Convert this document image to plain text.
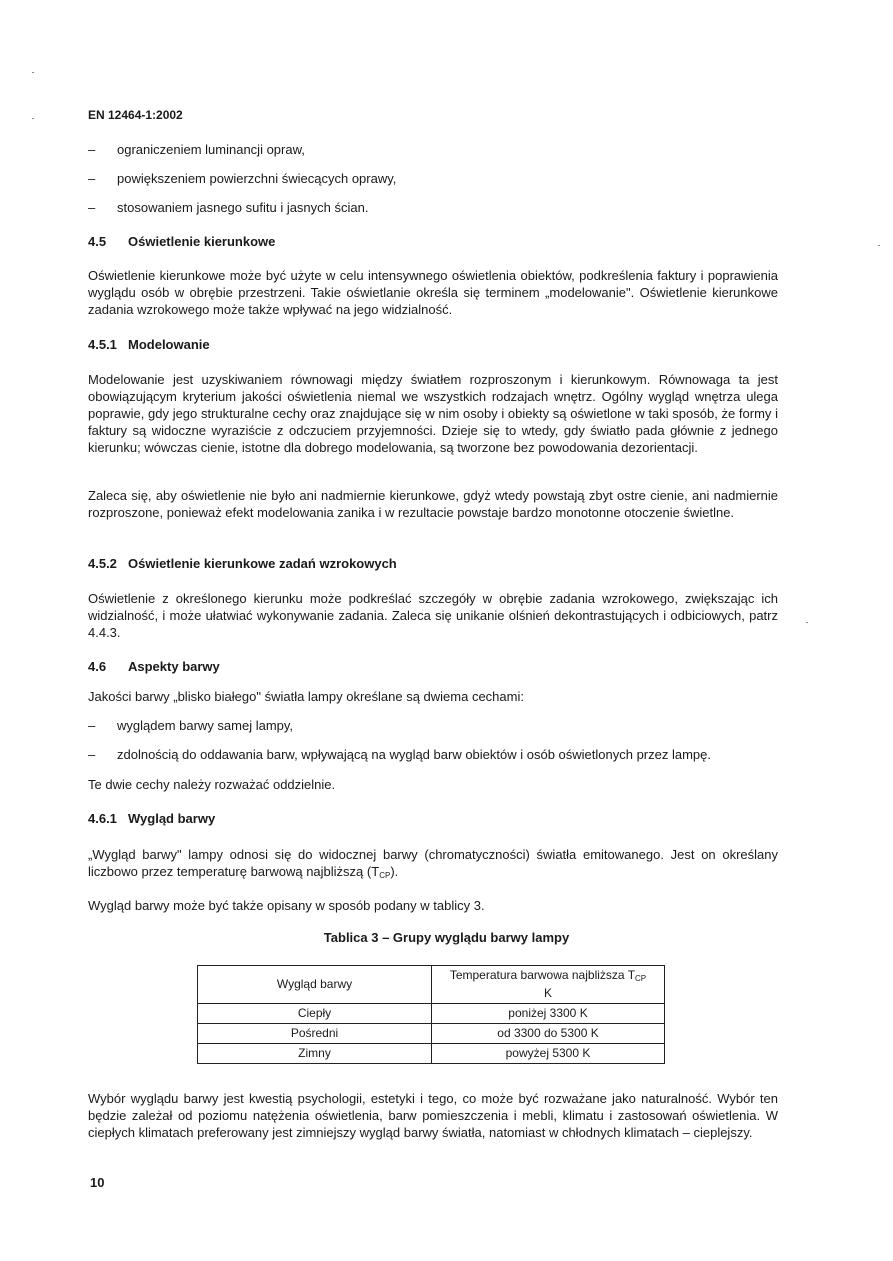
EN 12464-1:2002
– ograniczeniem luminancji opraw,
– powiększeniem powierzchni świecących oprawy,
– stosowaniem jasnego sufitu i jasnych ścian.
4.5 Oświetlenie kierunkowe

Oświetlenie kierunkowe może być użyte w celu intensywnego oświetlenia obiektów, podkreślenia faktury i poprawienia wyglądu osób w obrębie przestrzeni. Takie oświetlanie określa się terminem „modelowanie". Oświetlenie kierunkowe zadania wzrokowego może także wpływać na jego widzialność.

4.5.1 Modelowanie

Modelowanie jest uzyskiwaniem równowagi między światłem rozproszonym i kierunkowym. Równowaga ta jest obowiązującym kryterium jakości oświetlenia niemal we wszystkich rodzajach wnętrz. Ogólny wygląd wnętrza ulega poprawie, gdy jego strukturalne cechy oraz znajdujące się w nim osoby i obiekty są oświetlone w taki sposób, że formy i faktury są widoczne wyraziście z odczuciem przyjemności. Dzieje się to wtedy, gdy światło pada głównie z jednego kierunku; wówczas cienie, istotne dla dobrego modelowania, są tworzone bez powodowania dezorientacji.

Zaleca się, aby oświetlenie nie było ani nadmiernie kierunkowe, gdyż wtedy powstają zbyt ostre cienie, ani nadmiernie rozproszone, ponieważ efekt modelowania zanika i w rezultacie powstaje bardzo monotonne otoczenie świetlne.

4.5.2 Oświetlenie kierunkowe zadań wzrokowych

Oświetlenie z określonego kierunku może podkreślać szczegóły w obrębie zadania wzrokowego, zwiększając ich widzialność, i może ułatwiać wykonywanie zadania. Zaleca się unikanie olśnień dekontrastujących i odbiciowych, patrz 4.4.3.

4.6 Aspekty barwy

Jakości barwy „blisko białego" światła lampy określane są dwiema cechami:

– wyglądem barwy samej lampy,
– zdolnością do oddawania barw, wpływającą na wygląd barw obiektów i osób oświetlonych przez lampę.

Te dwie cechy należy rozważać oddzielnie.

4.6.1 Wygląd barwy

„Wygląd barwy" lampy odnosi się do widocznej barwy (chromatyczności) światła emitowanego. Jest on określany liczbowo przez temperaturę barwową najbliższą $(T_{CP})$.

Wygląd barwy może być także opisany w sposób podany w tablicy 3.

Tablica 3 – Grupy wyglądu barwy lampy

Wygląd barwy	Temperatura barwowa najbliższa $T_{CP}$
K
Ciepły	poniżej 3300 K
Pośredni	od 3300 do 5300 K
Zimny	powyżej 5300 K

Wybór wyglądu barwy jest kwestią psychologii, estetyki i tego, co może być rozważane jako naturalność. Wybór ten będzie zależał od poziomu natężenia oświetlenia, barw pomieszczenia i mebli, klimatu i zastosowań oświetlenia. W ciepłych klimatach preferowany jest zimniejszy wygląd barwy światła, natomiast w chłodnych klimatach – cieplejszy.

10
